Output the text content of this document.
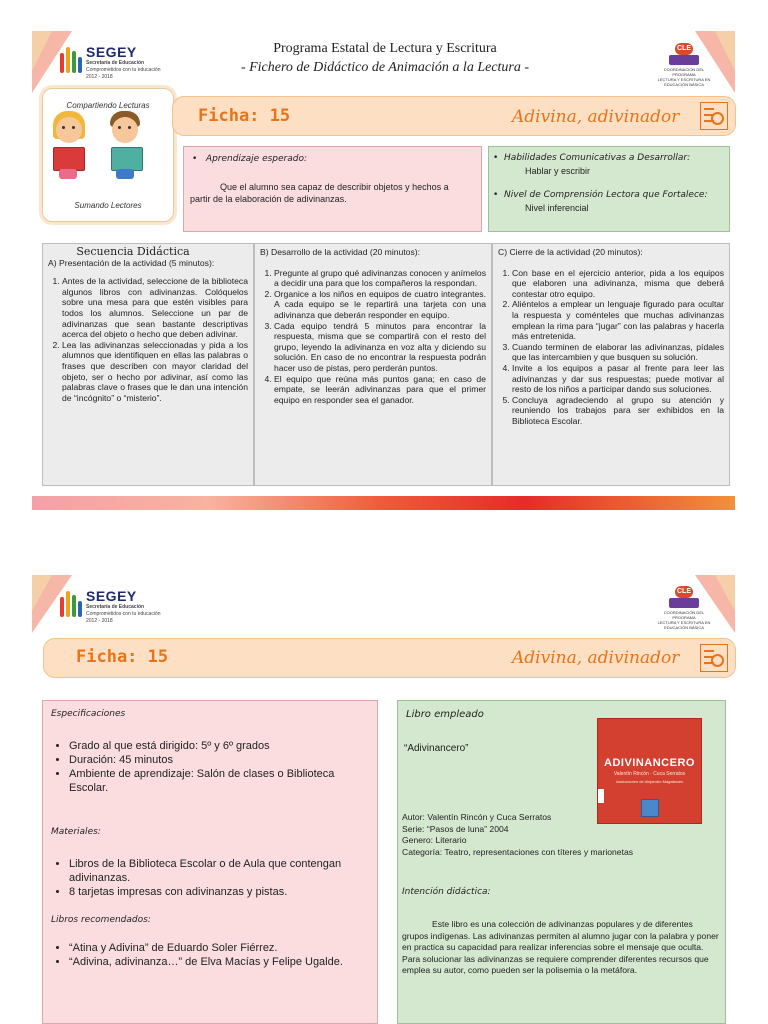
SEGEY
Secretaría de Educación
Comprometidos con tu educación
2012 - 2018
Programa Estatal de Lectura y Escritura
- Fichero de Didáctico de Animación a la Lectura -
CLE
COORDINACIÓN DEL
PROGRAMA
LECTURA Y ESCRITURA EN
EDUCACIÓN BÁSICA
Compartiendo Lecturas
Sumando Lectores
Ficha: 15	Adivina, adivinador
•   Aprendizaje esperado:
Que el alumno sea capaz de describir objetos y hechos a partir de la elaboración de adivinanzas.
•  Habilidades Comunicativas a Desarrollar:
Hablar y escribir
•  Nivel de Comprensión Lectora que Fortalece:
Nivel inferencial
Secuencia Didáctica
A) Presentación de la actividad (5 minutos):
1. Antes de la actividad, seleccione de la biblioteca algunos libros con adivinanzas. Colóquelos sobre una mesa para que estén visibles para todos los alumnos. Seleccione un par de adivinanzas que sean bastante descriptivas acerca del objeto o hecho que deben adivinar.
2. Lea las adivinanzas seleccionadas y pida a los alumnos que identifiquen en ellas las palabras o frases que describen con mayor claridad del objeto, ser o hecho por adivinar, así como las palabras clave o frases que le dan una intención de “incógnito” o “misterio”.
B) Desarrollo de la actividad (20 minutos):
1. Pregunte al grupo qué adivinanzas conocen y anímelos a decidir una para que los compañeros la respondan.
2. Organice a los niños en equipos de cuatro integrantes. A cada equipo se le repartirá una tarjeta con una adivinanza que deberán responder en equipo.
3. Cada equipo tendrá 5 minutos para encontrar la respuesta, misma que se compartirá con el resto del grupo, leyendo la adivinanza en voz alta y diciendo su solución. En caso de no encontrar la respuesta podrán hacer uso de pistas, pero perderán puntos.
4. El equipo que reúna más puntos gana; en caso de empate, se leerán adivinanzas para que el primer equipo en responder sea el ganador.
C) Cierre de la actividad (20 minutos):
1. Con base en el ejercicio anterior, pida a los equipos que elaboren una adivinanza, misma que deberá contestar otro equipo.
2. Aliéntelos a emplear un lenguaje figurado para ocultar la respuesta y coménteles que muchas adivinanzas emplean la rima para “jugar” con las palabras y hacerla más entretenida.
3. Cuando terminen de elaborar las adivinanzas, pídales que las intercambien y que busquen su solución.
4. Invite a los equipos a pasar al frente para leer las adivinanzas y dar sus respuestas; puede motivar al resto de los niños a participar dando sus soluciones.
5. Concluya agradeciendo al grupo su atención y reuniendo los trabajos para ser exhibidos en la Biblioteca Escolar.
SEGEY
Secretaría de Educación
Comprometidos con tu educación
2012 - 2018
CLE
COORDINACIÓN DEL
PROGRAMA
LECTURA Y ESCRITURA EN
EDUCACIÓN BÁSICA
Ficha: 15	Adivina, adivinador
Especificaciones
• Grado al que está dirigido: 5º y 6º grados
• Duración: 45 minutos
• Ambiente de aprendizaje: Salón de clases o Biblioteca Escolar.
Materiales:
• Libros de la Biblioteca Escolar o de Aula que contengan adivinanzas.
• 8 tarjetas impresas con adivinanzas y pistas.
Libros recomendados:
• “Atina y Adivina” de Eduardo Soler Fiérrez.
• “Adivina, adivinanza…” de Elva Macías y Felipe Ugalde.
Libro empleado
“Adivinancero”
Autor: Valentín Rincón y Cuca Serratos
Serie: “Pasos de luna” 2004
Genero: Literario
Categoría: Teatro, representaciones con títeres y marionetas
Intención didáctica:
Este libro es una colección de adivinanzas populares y de diferentes grupos indígenas. Las adivinanzas permiten al alumno jugar con la palabra y poner en practica su capacidad para realizar inferencias sobre el mensaje que oculta. Para solucionar las adivinanzas se requiere comprender diferentes recursos que emplea su autor, como pueden ser la polisemia o la metáfora.
ADIVINANCERO
Valentín Rincón · Cuca Serratos
ilustraciones de Alejandro Magallanes
